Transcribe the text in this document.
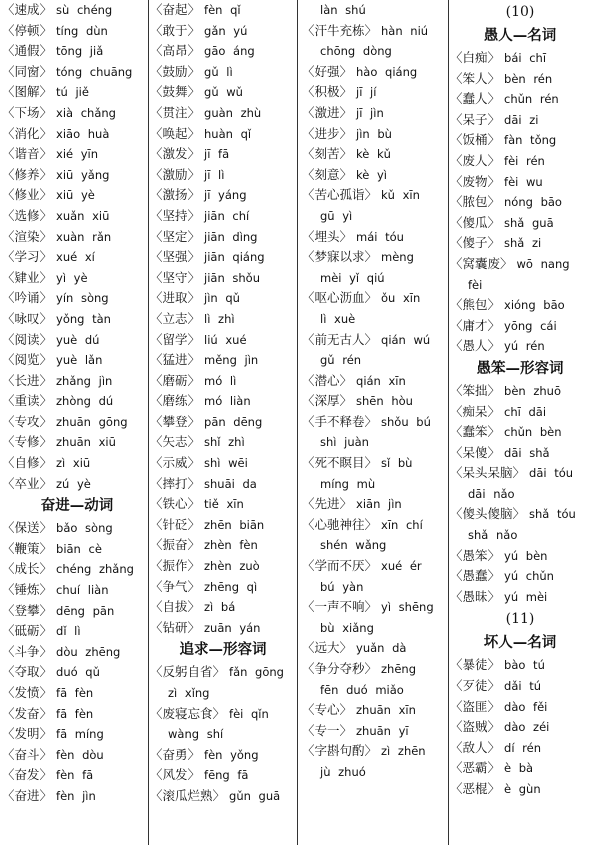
〈速成〉 sù chéng
〈停顿〉 tíng dùn
〈通假〉 tōng jiǎ
〈同窗〉 tóng chuāng
〈图解〉 tú jiě
〈下场〉 xià chǎng
〈消化〉 xiāo huà
〈谐音〉 xié yīn
〈修养〉 xiū yǎng
〈修业〉 xiū yè
〈选修〉 xuǎn xiū
〈渲染〉 xuàn rǎn
〈学习〉 xué xí
〈肄业〉 yì yè
〈吟诵〉 yín sòng
〈咏叹〉 yǒng tàn
〈阅读〉 yuè dú
〈阅览〉 yuè lǎn
〈长进〉 zhǎng jìn
〈重读〉 zhòng dú
〈专攻〉 zhuān gōng
〈专修〉 zhuān xiū
〈自修〉 zì xiū
〈卒业〉 zú yè
奋进—动词
〈保送〉 bǎo sòng
〈鞭策〉 biān cè
〈成长〉 chéng zhǎng
〈锤炼〉 chuí liàn
〈登攀〉 dēng pān
〈砥砺〉 dǐ lì
〈斗争〉 dòu zhēng
〈夺取〉 duó qǔ
〈发愤〉 fā fèn
〈发奋〉 fā fèn
〈发明〉 fā míng
〈奋斗〉 fèn dòu
〈奋发〉 fèn fā
〈奋进〉 fèn jìn
〈奋起〉 fèn qǐ
〈敢于〉 gǎn yú
〈高昂〉 gāo áng
〈鼓励〉 gǔ lì
〈鼓舞〉 gǔ wǔ
〈贯注〉 guàn zhù
〈唤起〉 huàn qǐ
〈激发〉 jī fā
〈激励〉 jī lì
〈激扬〉 jī yáng
〈坚持〉 jiān chí
〈坚定〉 jiān dìng
〈坚强〉 jiān qiáng
〈坚守〉 jiān shǒu
〈进取〉 jìn qǔ
〈立志〉 lì zhì
〈留学〉 liú xué
〈猛进〉 měng jìn
〈磨砺〉 mó lì
〈磨练〉 mó liàn
〈攀登〉 pān dēng
〈矢志〉 shǐ zhì
〈示威〉 shì wēi
〈摔打〉 shuāi da
〈铁心〉 tiě xīn
〈针砭〉 zhēn biān
〈振奋〉 zhèn fèn
〈振作〉 zhèn zuò
〈争气〉 zhēng qì
〈自拔〉 zì bá
〈钻研〉 zuān yán
追求—形容词
〈反躬自省〉 fǎn gōng
zì xǐng
〈废寝忘食〉 fèi qǐn
wàng shí
〈奋勇〉 fèn yǒng
〈风发〉 fēng fā
〈滚瓜烂熟〉 gǔn guā
làn shú
〈汗牛充栋〉 hàn niú
chōng dòng
〈好强〉 hào qiáng
〈积极〉 jī jí
〈激进〉 jī jìn
〈进步〉 jìn bù
〈刻苦〉 kè kǔ
〈刻意〉 kè yì
〈苦心孤诣〉 kǔ xīn
gū yì
〈埋头〉 mái tóu
〈梦寐以求〉 mèng
mèi yǐ qiú
〈呕心沥血〉 ǒu xīn
lì xuè
〈前无古人〉 qián wú
gǔ rén
〈潜心〉 qián xīn
〈深厚〉 shēn hòu
〈手不释卷〉 shǒu bú
shì juàn
〈死不瞑目〉 sǐ bù
míng mù
〈先进〉 xiān jìn
〈心驰神往〉 xīn chí
shén wǎng
〈学而不厌〉 xué ér
bú yàn
〈一声不响〉 yì shēng
bù xiǎng
〈远大〉 yuǎn dà
〈争分夺秒〉 zhēng
fēn duó miǎo
〈专心〉 zhuān xīn
〈专一〉 zhuān yī
〈字斟句酌〉 zì zhēn
jù zhuó
(10)
愚人—名词
〈白痴〉 bái chī
〈笨人〉 bèn rén
〈蠢人〉 chǔn rén
〈呆子〉 dāi zi
〈饭桶〉 fàn tǒng
〈废人〉 fèi rén
〈废物〉 fèi wu
〈脓包〉 nóng bāo
〈傻瓜〉 shǎ guā
〈傻子〉 shǎ zi
〈窝囊废〉 wō nang
fèi
〈熊包〉 xióng bāo
〈庸才〉 yōng cái
〈愚人〉 yú rén
愚笨—形容词
〈笨拙〉 bèn zhuō
〈痴呆〉 chī dāi
〈蠢笨〉 chǔn bèn
〈呆傻〉 dāi shǎ
〈呆头呆脑〉 dāi tóu
dāi nǎo
〈傻头傻脑〉 shǎ tóu
shǎ nǎo
〈愚笨〉 yú bèn
〈愚蠢〉 yú chǔn
〈愚昧〉 yú mèi
(11)
坏人—名词
〈暴徒〉 bào tú
〈歹徒〉 dǎi tú
〈盗匪〉 dào fěi
〈盗贼〉 dào zéi
〈敌人〉 dí rén
〈恶霸〉 è bà
〈恶棍〉 è gùn
